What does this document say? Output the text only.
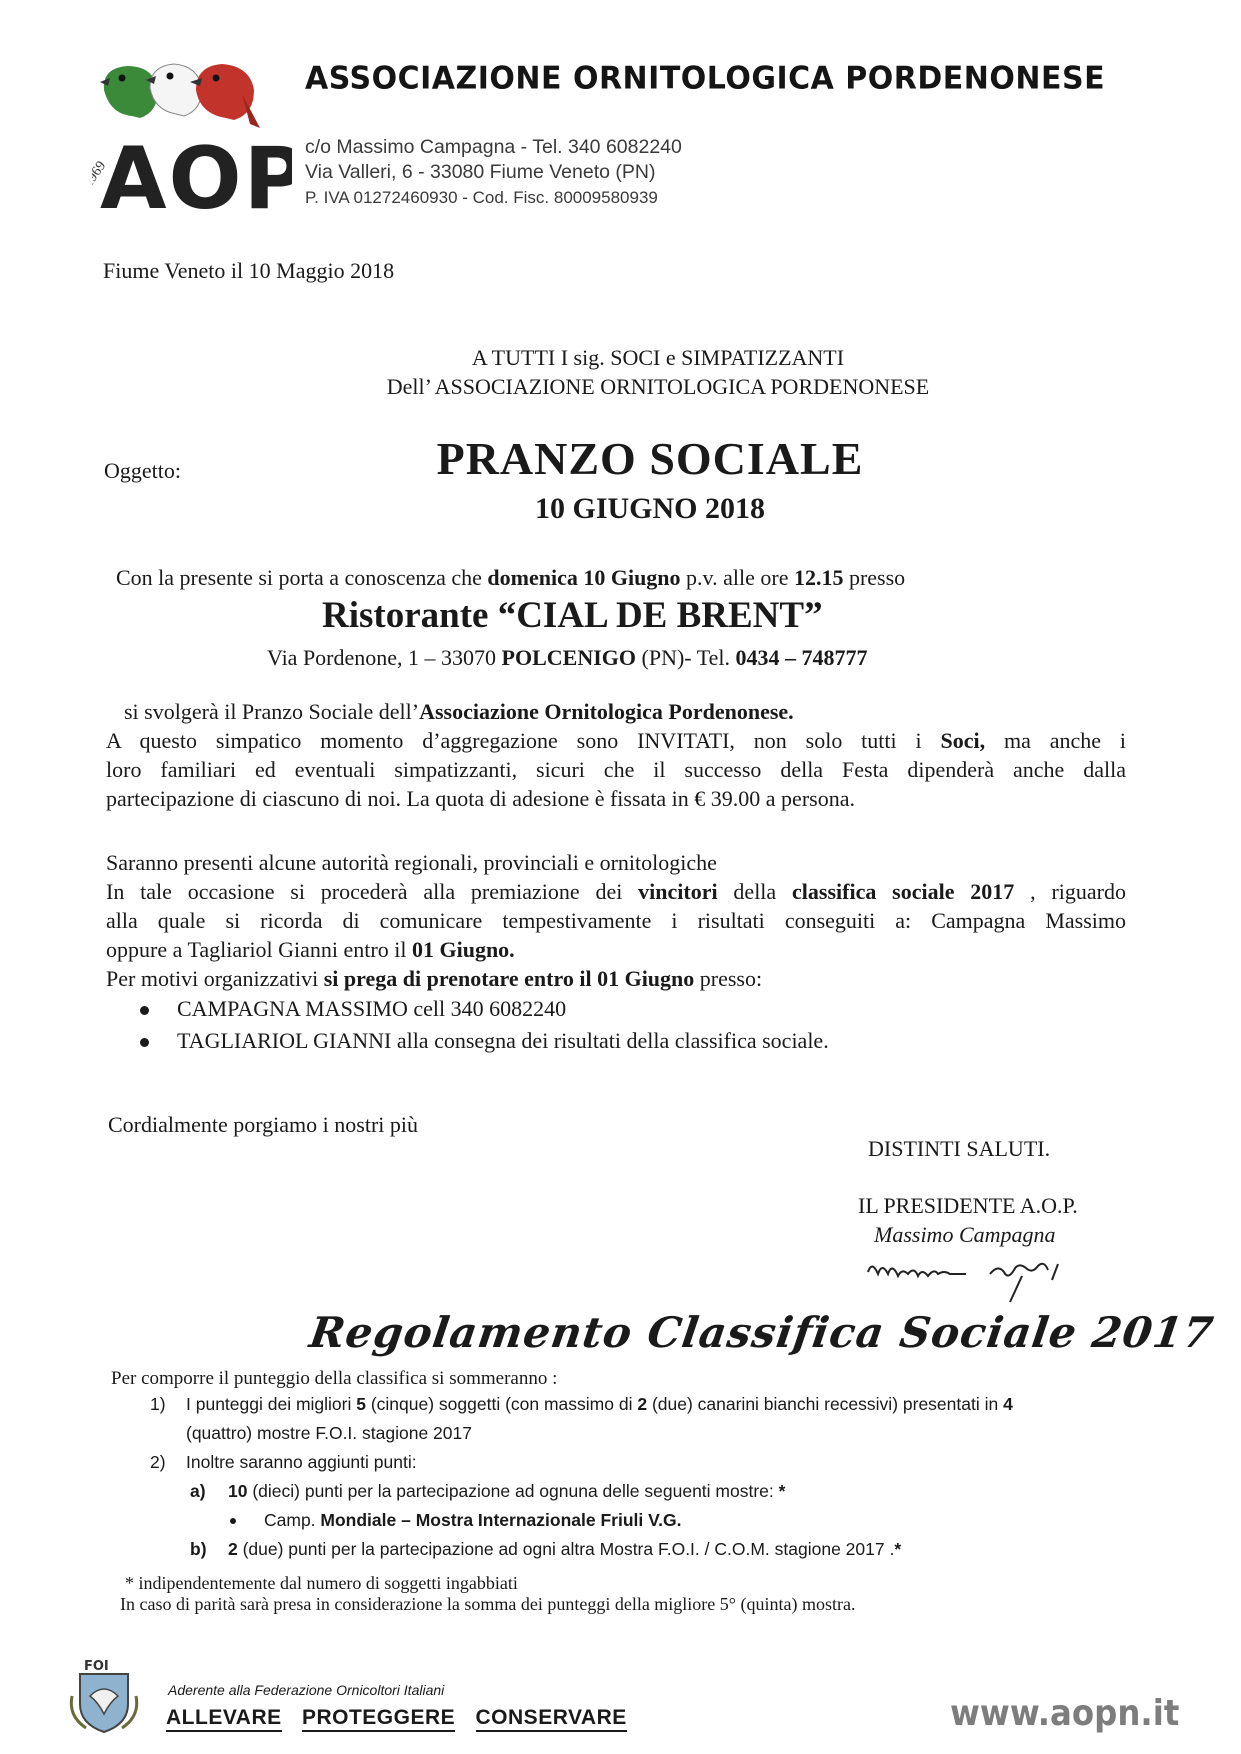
1969
AOP
ASSOCIAZIONE ORNITOLOGICA PORDENONESE
c/o Massimo Campagna - Tel. 340 6082240
Via Valleri, 6 - 33080 Fiume Veneto (PN)
P. IVA 01272460930 - Cod. Fisc. 80009580939
Fiume Veneto il 10 Maggio 2018
A TUTTI I sig. SOCI e SIMPATIZZANTI
Dell’ ASSOCIAZIONE ORNITOLOGICA PORDENONESE
Oggetto:	PRANZO SOCIALE
10 GIUGNO 2018
Con la presente si porta a conoscenza che domenica 10 Giugno p.v. alle ore 12.15 presso
Ristorante “CIAL DE BRENT”
Via Pordenone, 1 – 33070 POLCENIGO (PN)- Tel. 0434 – 748777
si svolgerà il Pranzo Sociale dell’Associazione Ornitologica Pordenonese.
A questo simpatico momento d’aggregazione sono INVITATI, non solo tutti i Soci, ma anche i
loro familiari ed eventuali simpatizzanti, sicuri che il successo della Festa dipenderà anche dalla
partecipazione di ciascuno di noi. La quota di adesione è fissata in € 39.00 a persona.
Saranno presenti alcune autorità regionali, provinciali e ornitologiche
In tale occasione si procederà alla premiazione dei vincitori della classifica sociale 2017 , riguardo
alla quale si ricorda di comunicare tempestivamente i risultati conseguiti a: Campagna Massimo
oppure a Tagliariol Gianni entro il 01 Giugno.
Per motivi organizzativi si prega di prenotare entro il 01 Giugno presso:
CAMPAGNA MASSIMO cell 340 6082240
TAGLIARIOL GIANNI alla consegna dei risultati della classifica sociale.
Cordialmente porgiamo i nostri più
DISTINTI SALUTI.
IL PRESIDENTE A.O.P.
Massimo Campagna
Regolamento Classifica Sociale 2017
Per comporre il punteggio della classifica si sommeranno :
1) I punteggi dei migliori 5 (cinque) soggetti (con massimo di 2 (due) canarini bianchi recessivi) presentati in 4
(quattro) mostre F.O.I. stagione 2017
2) Inoltre saranno aggiunti punti:
a) 10 (dieci) punti per la partecipazione ad ognuna delle seguenti mostre: *
Camp. Mondiale – Mostra Internazionale Friuli V.G.
b) 2 (due) punti per la partecipazione ad ogni altra Mostra F.O.I. / C.O.M. stagione 2017 .*
* indipendentemente dal numero di soggetti ingabbiati
In caso di parità sarà presa in considerazione la somma dei punteggi della migliore 5° (quinta) mostra.
FOI
Aderente alla Federazione Ornicoltori Italiani
ALLEVARE PROTEGGERE CONSERVARE	www.aopn.it
